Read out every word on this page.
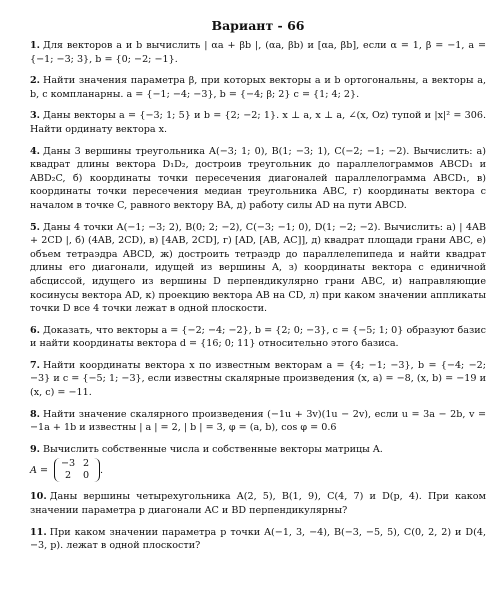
Вариант - 66
1. Для векторов a и b вычислить | αa + βb |, (αa, βb) и [αa, βb], если α = 1, β = −1, a = {−1; −3; 3}, b = {0; −2; −1}.
2. Найти значения параметра β, при которых векторы a и b ортогональны, а векторы a, b, c компланарны. a = {−1; −4; −3}, b = {−4; β; 2} c = {1; 4; 2}.
3. Даны векторы a = {−3; 1; 5} и b = {2; −2; 1}. x ⊥ a, x ⊥ a, ∠(x, Oz) тупой и |x|² = 306. Найти ординату вектора x.
4. Даны 3 вершины треугольника A(−3; 1; 0), B(1; −3; 1), C(−2; −1; −2). Вычислить: а) квадрат длины вектора D₁D₂, достроив треугольник до параллелограммов ABCD₁ и ABD₂C, б) координаты точки пересечения диагоналей параллелограмма ABCD₁, в) координаты точки пересечения медиан треугольника ABC, г) координаты вектора с началом в точке C, равного вектору BA, д) работу силы AD на пути ABCD.
5. Даны 4 точки A(−1; −3; 2), B(0; 2; −2), C(−3; −1; 0), D(1; −2; −2). Вычислить: а) | 4AB + 2CD |, б) (4AB, 2CD), в) [4AB, 2CD], г) [AD, [AB, AC]], д) квадрат площади грани ABC, е) объем тетраэдра ABCD, ж) достроить тетраэдр до параллелепипеда и найти квадрат длины его диагонали, идущей из вершины A, з) координаты вектора с единичной абсциссой, идущего из вершины D перпендикулярно грани ABC, и) направляющие косинусы вектора AD, к) проекцию вектора AB на CD, л) при каком значении аппликаты точки D все 4 точки лежат в одной плоскости.
6. Доказать, что векторы a = {−2; −4; −2}, b = {2; 0; −3}, c = {−5; 1; 0} образуют базис и найти координаты вектора d = {16; 0; 11} относительно этого базиса.
7. Найти координаты вектора x по известным векторам a = {4; −1; −3}, b = {−4; −2; −3} и c = {−5; 1; −3}, если известны скалярные произведения (x, a) = −8, (x, b) = −19 и (x, c) = −11.
8. Найти значение скалярного произведения (−1u + 3v)(1u − 2v), если u = 3a − 2b, v = −1a + 1b и известны | a | = 2, | b | = 3, φ = (a, b), cos φ = 0.6
9. Вычислить собственные числа и собственные векторы матрицы A.
A =
−3 2
2	0
.
10. Даны вершины четырехугольника A(2, 5), B(1, 9), C(4, 7) и D(p, 4). При каком значении параметра p диагонали AC и BD перпендикулярны?
11. При каком значении параметра p точки A(−1, 3, −4), B(−3, −5, 5), C(0, 2, 2) и D(4, −3, p). лежат в одной плоскости?
